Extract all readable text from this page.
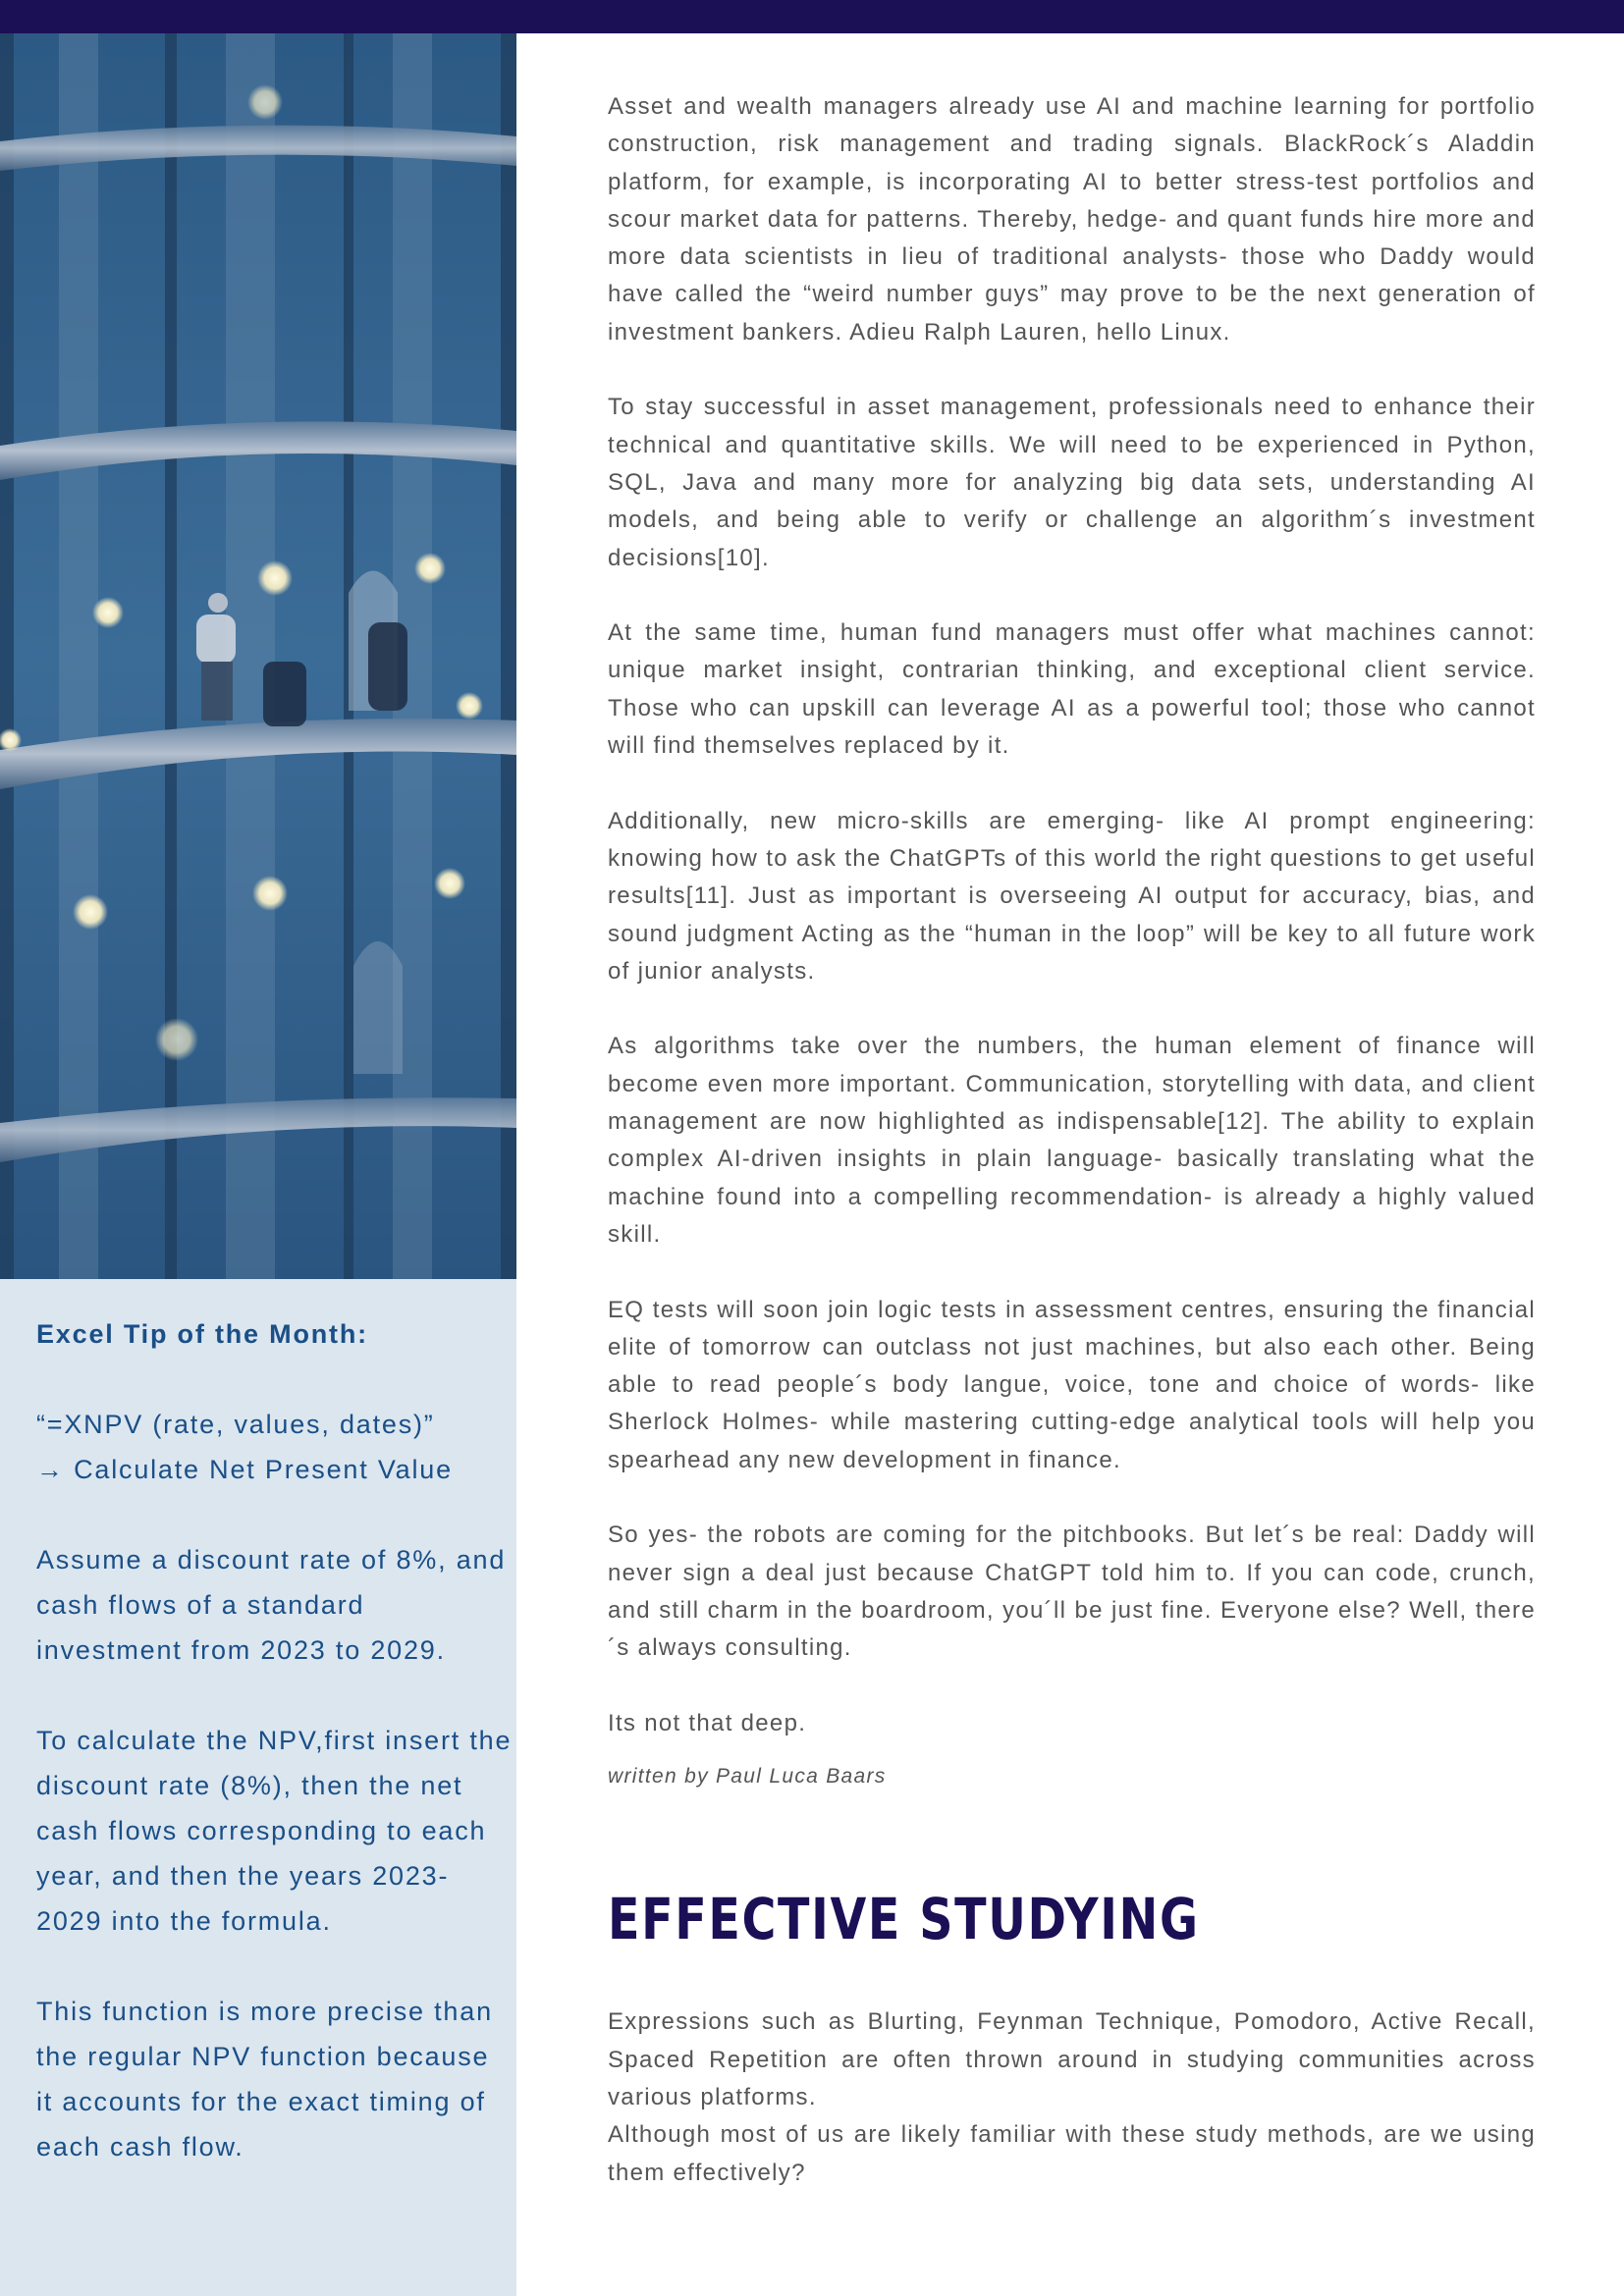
Excel Tip of the Month:

“=XNPV (rate, values, dates)”
→ Calculate Net Present Value

Assume a discount rate of 8%, and cash flows of a standard investment from 2023 to 2029.

To calculate the NPV,first insert the discount rate (8%), then the net cash flows corresponding to each year, and then the years 2023-2029 into the formula.

This function is more precise than the regular NPV function because it accounts for the exact timing of each cash flow.

Asset and wealth managers already use AI and machine learning for portfolio construction, risk management and trading signals. BlackRock´s Aladdin platform, for example, is incorporating AI to better stress-test portfolios and scour market data for patterns. Thereby, hedge- and quant funds hire more and more data scientists in lieu of traditional analysts- those who Daddy would have called the “weird number guys” may prove to be the next generation of investment bankers. Adieu Ralph Lauren, hello Linux.

To stay successful in asset management, professionals need to enhance their technical and quantitative skills. We will need to be experienced in Python, SQL, Java and many more for analyzing big data sets, understanding AI models, and being able to verify or challenge an algorithm´s investment decisions[10].

At the same time, human fund managers must offer what machines cannot: unique market insight, contrarian thinking, and exceptional client service. Those who can upskill can leverage AI as a powerful tool; those who cannot will find themselves replaced by it.

Additionally, new micro-skills are emerging- like AI prompt engineering: knowing how to ask the ChatGPTs of this world the right questions to get useful results[11]. Just as important is overseeing AI output for accuracy, bias, and sound judgment Acting as the “human in the loop” will be key to all future work of junior analysts.

As algorithms take over the numbers, the human element of finance will become even more important. Communication, storytelling with data, and client management are now highlighted as indispensable[12]. The ability to explain complex AI-driven insights in plain language- basically translating what the machine found into a compelling recommendation- is already a highly valued skill.

EQ tests will soon join logic tests in assessment centres, ensuring the financial elite of tomorrow can outclass not just machines, but also each other. Being able to read people´s body langue, voice, tone and choice of words- like Sherlock Holmes- while mastering cutting-edge analytical tools will help you spearhead any new development in finance.

So yes- the robots are coming for the pitchbooks. But let´s be real: Daddy will never sign a deal just because ChatGPT told him to. If you can code, crunch, and still charm in the boardroom, you´ll be just fine. Everyone else? Well, there´s always consulting.

Its not that deep.

written by Paul Luca Baars

EFFECTIVE STUDYING

Expressions such as Blurting, Feynman Technique, Pomodoro, Active Recall, Spaced Repetition are often thrown around in studying communities across various platforms.

Although most of us are likely familiar with these study methods, are we using them effectively?
